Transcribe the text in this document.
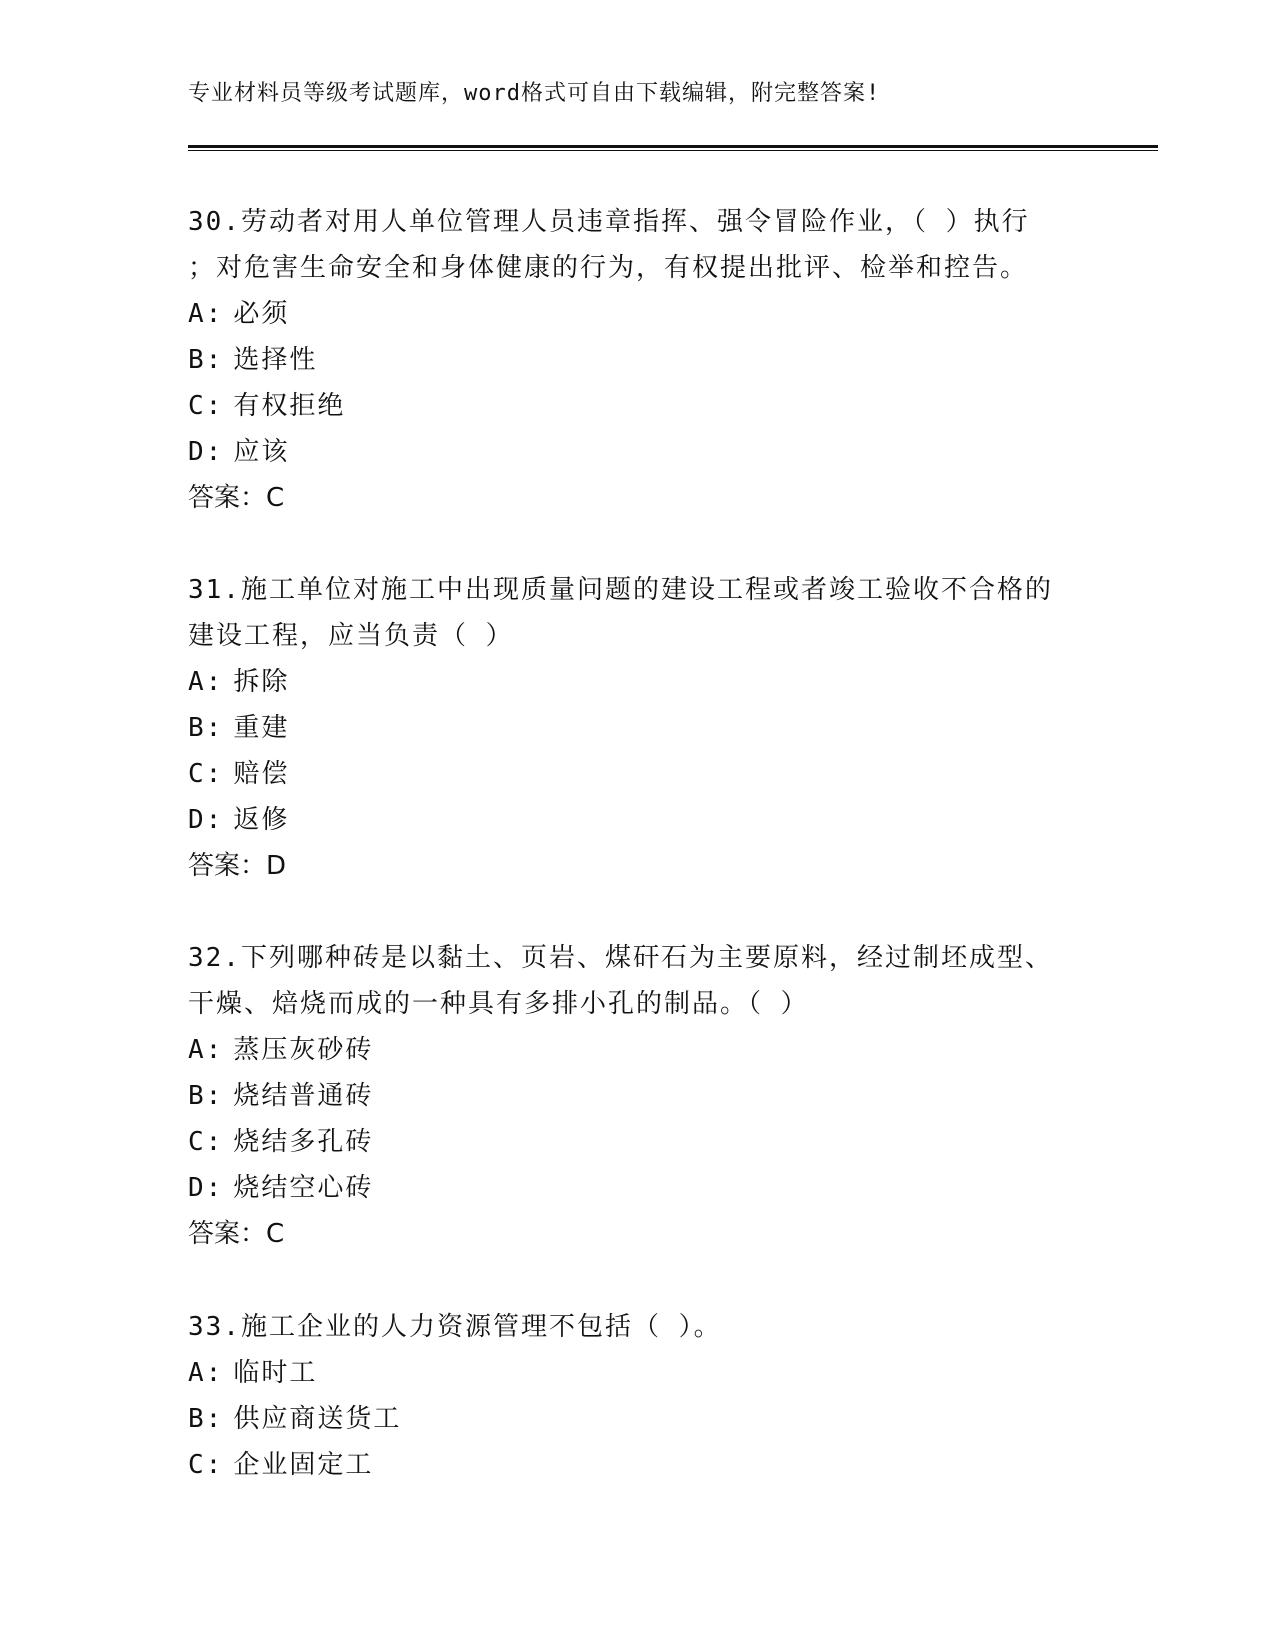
专业材料员等级考试题库，word格式可自由下载编辑，附完整答案!
30.劳动者对用人单位管理人员违章指挥、强令冒险作业，（ ）执行
；对危害生命安全和身体健康的行为，有权提出批评、检举和控告。
A: 必须
B: 选择性
C: 有权拒绝
D: 应该
答案：C
31.施工单位对施工中出现质量问题的建设工程或者竣工验收不合格的
建设工程，应当负责（ ）
A: 拆除
B: 重建
C: 赔偿
D: 返修
答案：D
32.下列哪种砖是以黏土、页岩、煤矸石为主要原料，经过制坯成型、
干燥、焙烧而成的一种具有多排小孔的制品。（ ）
A: 蒸压灰砂砖
B: 烧结普通砖
C: 烧结多孔砖
D: 烧结空心砖
答案：C
33.施工企业的人力资源管理不包括（ ）。
A: 临时工
B: 供应商送货工
C: 企业固定工
